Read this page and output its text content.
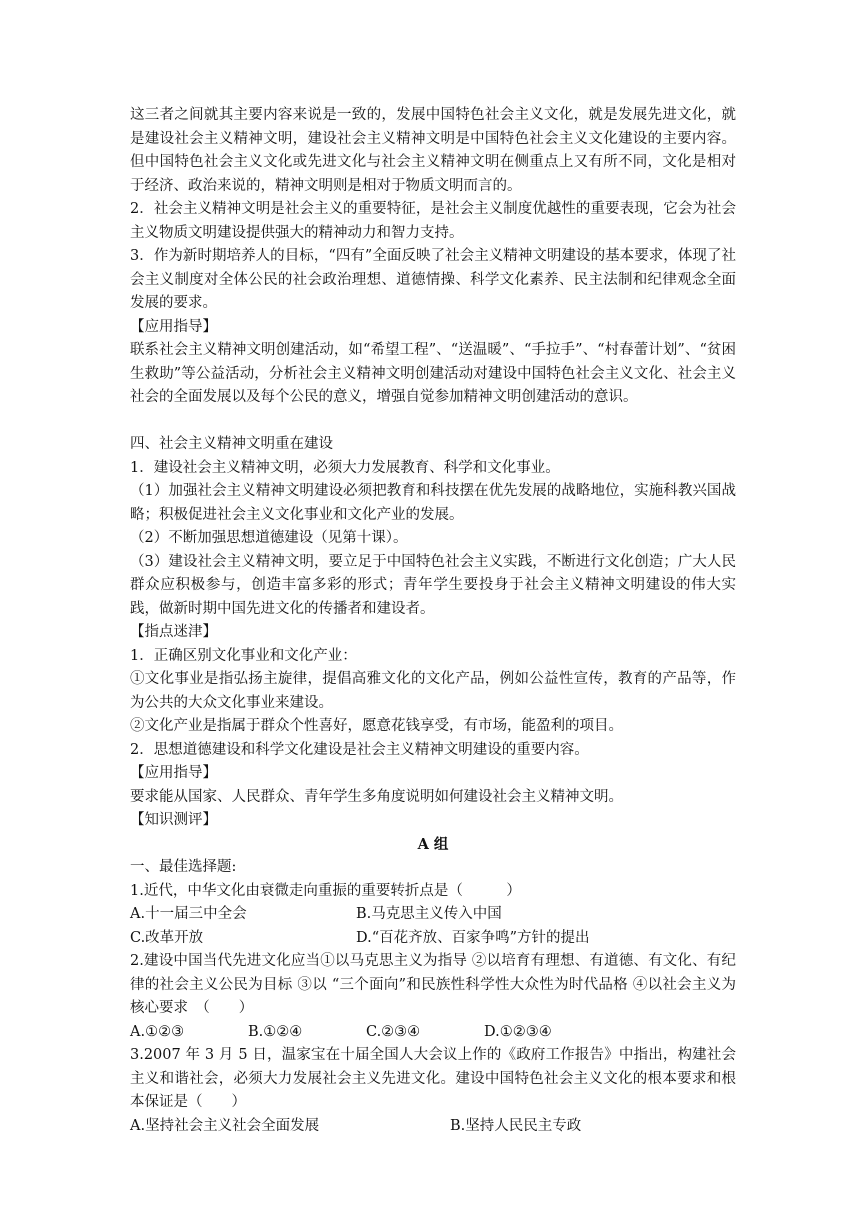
这三者之间就其主要内容来说是一致的，发展中国特色社会主义文化，就是发展先进文化，就是建设社会主义精神文明，建设社会主义精神文明是中国特色社会主义文化建设的主要内容。但中国特色社会主义文化或先进文化与社会主义精神文明在侧重点上又有所不同，文化是相对于经济、政治来说的，精神文明则是相对于物质文明而言的。

2．社会主义精神文明是社会主义的重要特征，是社会主义制度优越性的重要表现，它会为社会主义物质文明建设提供强大的精神动力和智力支持。

3．作为新时期培养人的目标，“四有”全面反映了社会主义精神文明建设的基本要求，体现了社会主义制度对全体公民的社会政治理想、道德情操、科学文化素养、民主法制和纪律观念全面发展的要求。

【应用指导】

联系社会主义精神文明创建活动，如“希望工程”、“送温暖”、“手拉手”、“村春蕾计划”、“贫困生救助”等公益活动，分析社会主义精神文明创建活动对建设中国特色社会主义文化、社会主义社会的全面发展以及每个公民的意义，增强自觉参加精神文明创建活动的意识。

四、社会主义精神文明重在建设

1．建设社会主义精神文明，必须大力发展教育、科学和文化事业。

（1）加强社会主义精神文明建设必须把教育和科技摆在优先发展的战略地位，实施科教兴国战略；积极促进社会主义文化事业和文化产业的发展。

（2）不断加强思想道德建设（见第十课）。

（3）建设社会主义精神文明，要立足于中国特色社会主义实践，不断进行文化创造；广大人民群众应积极参与，创造丰富多彩的形式；青年学生要投身于社会主义精神文明建设的伟大实践，做新时期中国先进文化的传播者和建设者。

【指点迷津】

1．正确区别文化事业和文化产业：

①文化事业是指弘扬主旋律，提倡高雅文化的文化产品，例如公益性宣传，教育的产品等，作为公共的大众文化事业来建设。

②文化产业是指属于群众个性喜好，愿意花钱享受，有市场，能盈利的项目。

2．思想道德建设和科学文化建设是社会主义精神文明建设的重要内容。

【应用指导】

要求能从国家、人民群众、青年学生多角度说明如何建设社会主义精神文明。

【知识测评】

A 组

一、最佳选择题:

1.近代，中华文化由衰微走向重振的重要转折点是（　　　）

A.十一届三中全会	B.马克思主义传入中国
C.改革开放	D.“百花齐放、百家争鸣”方针的提出

2.建设中国当代先进文化应当①以马克思主义为指导 ②以培育有理想、有道德、有文化、有纪律的社会主义公民为目标 ③以 “三个面向”和民族性科学性大众性为时代品格 ④以社会主义为核心要求　（　　）

A.①②③	B.①②④	C.②③④	D.①②③④

3.2007 年 3 月 5 日，温家宝在十届全国人大会议上作的《政府工作报告》中指出，构建社会主义和谐社会，必须大力发展社会主义先进文化。建设中国特色社会主义文化的根本要求和根本保证是（　　）

A.坚持社会主义社会全面发展	B.坚持人民民主专政
